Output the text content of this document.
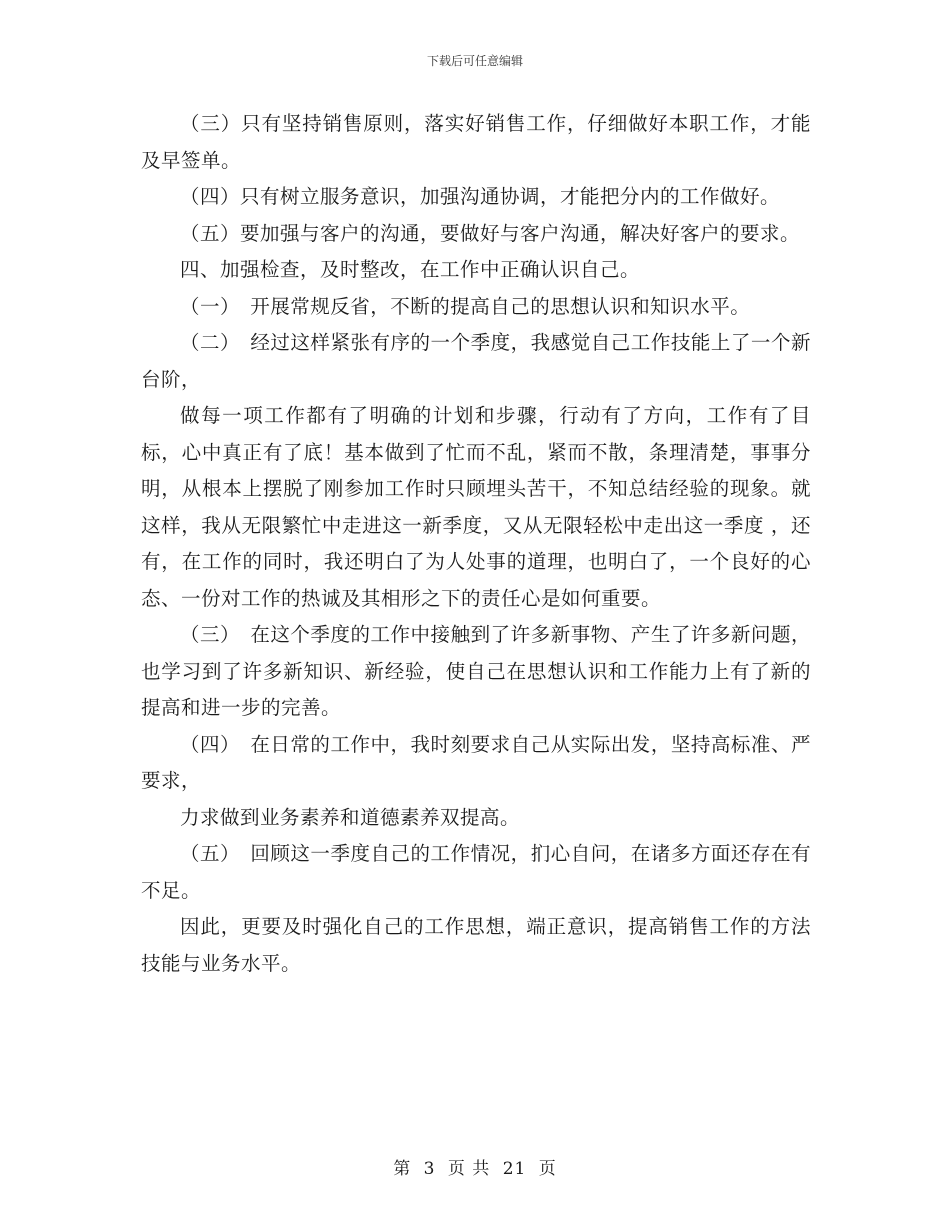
下载后可任意编辑

（三）只有坚持销售原则，落实好销售工作，仔细做好本职工作，才能及早签单。

（四）只有树立服务意识，加强沟通协调，才能把分内的工作做好。

（五）要加强与客户的沟通，要做好与客户沟通，解决好客户的要求。

四、加强检查，及时整改，在工作中正确认识自己。

（一）　开展常规反省，不断的提高自己的思想认识和知识水平。

（二）　经过这样紧张有序的一个季度，我感觉自己工作技能上了一个新台阶，

做每一项工作都有了明确的计划和步骤，行动有了方向，工作有了目标，心中真正有了底！基本做到了忙而不乱，紧而不散，条理清楚，事事分明，从根本上摆脱了刚参加工作时只顾埋头苦干，不知总结经验的现象。就这样，我从无限繁忙中走进这一新季度，又从无限轻松中走出这一季度 ，还有，在工作的同时，我还明白了为人处事的道理，也明白了，一个良好的心态、一份对工作的热诚及其相形之下的责任心是如何重要。

（三）　在这个季度的工作中接触到了许多新事物、产生了许多新问题，也学习到了许多新知识、新经验，使自己在思想认识和工作能力上有了新的提高和进一步的完善。

（四）　在日常的工作中，我时刻要求自己从实际出发，坚持高标准、严要求，

力求做到业务素养和道德素养双提高。

（五）　回顾这一季度自己的工作情况，扪心自问，在诸多方面还存在有不足。

因此，更要及时强化自己的工作思想，端正意识，提高销售工作的方法技能与业务水平。

第 3 页 共 21 页
